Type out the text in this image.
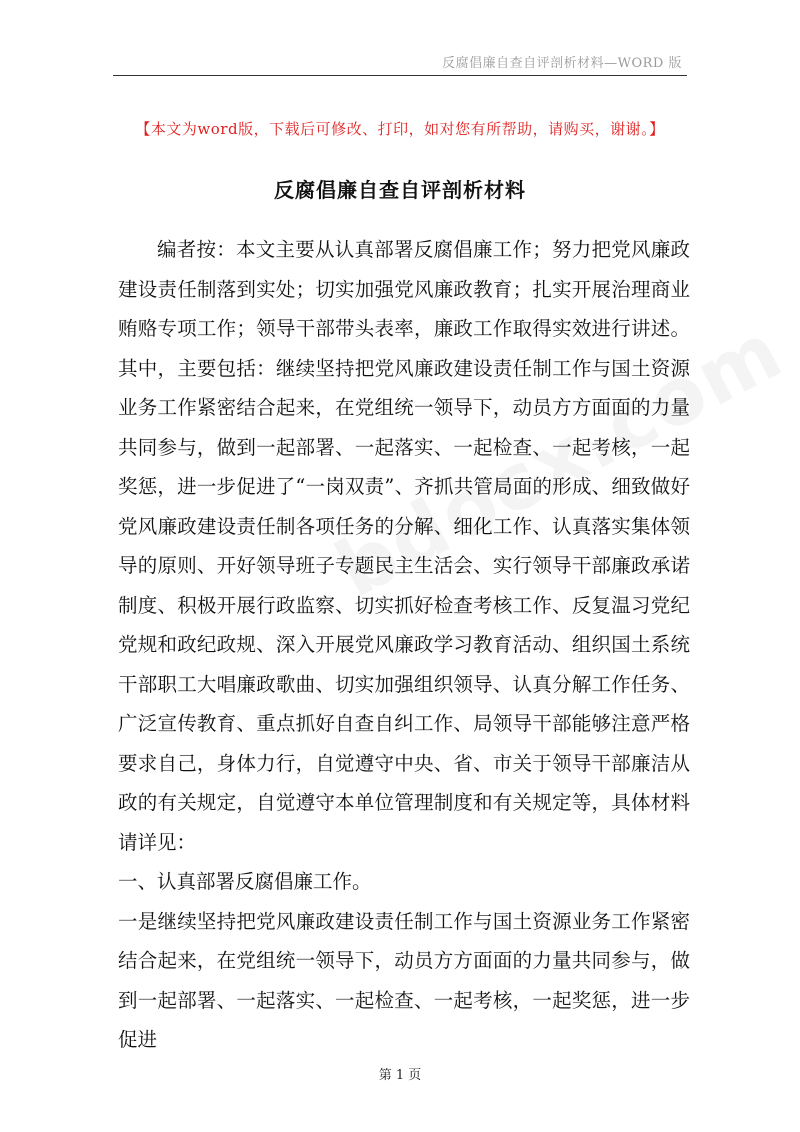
反腐倡廉自查自评剖析材料—WORD 版
【本文为word版，下载后可修改、打印，如对您有所帮助，请购买，谢谢。】
反腐倡廉自查自评剖析材料

编者按：本文主要从认真部署反腐倡廉工作；努力把党风廉政建设责任制落到实处；切实加强党风廉政教育；扎实开展治理商业贿赂专项工作；领导干部带头表率，廉政工作取得实效进行讲述。其中，主要包括：继续坚持把党风廉政建设责任制工作与国土资源业务工作紧密结合起来，在党组统一领导下，动员方方面面的力量共同参与，做到一起部署、一起落实、一起检查、一起考核，一起奖惩，进一步促进了“一岗双责”、齐抓共管局面的形成、细致做好党风廉政建设责任制各项任务的分解、细化工作、认真落实集体领导的原则、开好领导班子专题民主生活会、实行领导干部廉政承诺制度、积极开展行政监察、切实抓好检查考核工作、反复温习党纪党规和政纪政规、深入开展党风廉政学习教育活动、组织国土系统干部职工大唱廉政歌曲、切实加强组织领导、认真分解工作任务、广泛宣传教育、重点抓好自查自纠工作、局领导干部能够注意严格要求自己，身体力行，自觉遵守中央、省、市关于领导干部廉洁从政的有关规定，自觉遵守本单位管理制度和有关规定等，具体材料请详见：

一、认真部署反腐倡廉工作。

一是继续坚持把党风廉政建设责任制工作与国土资源业务工作紧密结合起来，在党组统一领导下，动员方方面面的力量共同参与，做到一起部署、一起落实、一起检查、一起考核，一起奖惩，进一步促进

第 1 页
